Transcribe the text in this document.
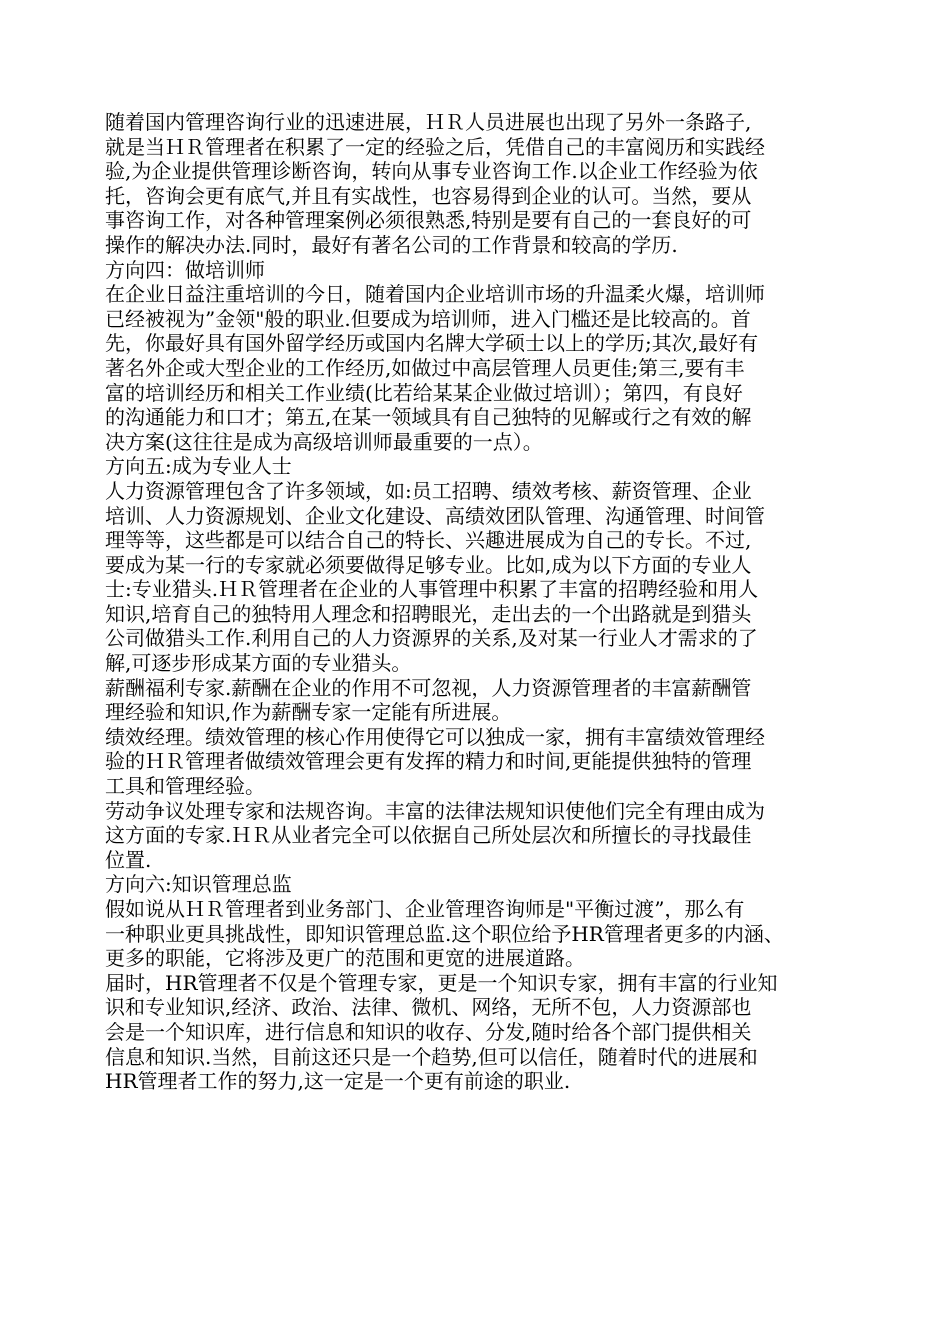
随着国内管理咨询行业的迅速进展，ＨＲ人员进展也出现了另外一条路子,
就是当ＨＲ管理者在积累了一定的经验之后，凭借自己的丰富阅历和实践经
验,为企业提供管理诊断咨询，转向从事专业咨询工作.以企业工作经验为依
托，咨询会更有底气,并且有实战性，也容易得到企业的认可。当然，要从
事咨询工作，对各种管理案例必须很熟悉,特别是要有自己的一套良好的可
操作的解决办法.同时，最好有著名公司的工作背景和较高的学历.
方向四：做培训师
在企业日益注重培训的今日，随着国内企业培训市场的升温柔火爆，培训师
已经被视为”金领"般的职业.但要成为培训师，进入门槛还是比较高的。首
先，你最好具有国外留学经历或国内名牌大学硕士以上的学历;其次,最好有
著名外企或大型企业的工作经历,如做过中高层管理人员更佳;第三,要有丰
富的培训经历和相关工作业绩(比若给某某企业做过培训）；第四，有良好
的沟通能力和口才；第五,在某一领域具有自己独特的见解或行之有效的解
决方案(这往往是成为高级培训师最重要的一点）。
方向五:成为专业人士
人力资源管理包含了许多领域，如:员工招聘、绩效考核、薪资管理、企业
培训、人力资源规划、企业文化建设、高绩效团队管理、沟通管理、时间管
理等等，这些都是可以结合自己的特长、兴趣进展成为自己的专长。不过,
要成为某一行的专家就必须要做得足够专业。比如,成为以下方面的专业人
士:专业猎头.ＨＲ管理者在企业的人事管理中积累了丰富的招聘经验和用人
知识,培育自己的独特用人理念和招聘眼光，走出去的一个出路就是到猎头
公司做猎头工作.利用自己的人力资源界的关系,及对某一行业人才需求的了
解,可逐步形成某方面的专业猎头。
薪酬福利专家.薪酬在企业的作用不可忽视，人力资源管理者的丰富薪酬管
理经验和知识,作为薪酬专家一定能有所进展。
绩效经理。绩效管理的核心作用使得它可以独成一家，拥有丰富绩效管理经
验的ＨＲ管理者做绩效管理会更有发挥的精力和时间,更能提供独特的管理
工具和管理经验。
劳动争议处理专家和法规咨询。丰富的法律法规知识使他们完全有理由成为
这方面的专家.ＨＲ从业者完全可以依据自己所处层次和所擅长的寻找最佳
位置.
方向六:知识管理总监
假如说从ＨＲ管理者到业务部门、企业管理咨询师是"平衡过渡”，那么有
一种职业更具挑战性，即知识管理总监.这个职位给予HR管理者更多的内涵、
更多的职能，它将涉及更广的范围和更宽的进展道路。
届时，HR管理者不仅是个管理专家，更是一个知识专家，拥有丰富的行业知
识和专业知识,经济、政治、法律、微机、网络，无所不包，人力资源部也
会是一个知识库，进行信息和知识的收存、分发,随时给各个部门提供相关
信息和知识.当然，目前这还只是一个趋势,但可以信任，随着时代的进展和
HR管理者工作的努力,这一定是一个更有前途的职业.
